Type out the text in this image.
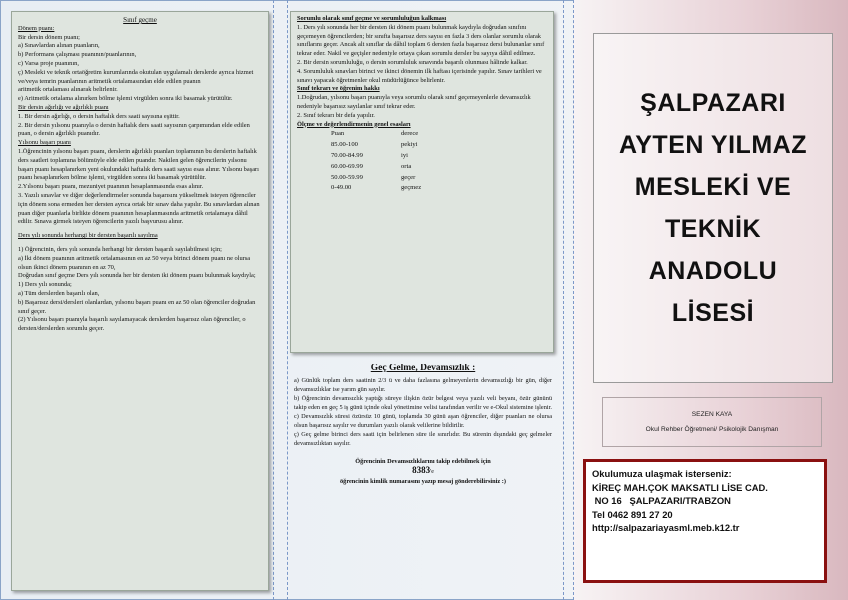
Sınıf geçme

Dönem puanı:

Bir dersin dönem puanı;

a) Sınavlardan alınan puanların,

b) Performans çalışması puanının/puanlarının,

c) Varsa proje puanının,

ç) Mesleki ve teknik ortaöğretim kurumlarında okutulan uygulamalı derslerde ayrıca hizmet ve/veya temrin puanlarının aritmetik ortalamasından elde edilen puanın

aritmetik ortalaması alınarak belirlenir.

e) Aritmetik ortalama alınırken bölme işlemi virgülden sonra iki basamak yürütülür.

Bir dersin ağırlığı ve ağırlıklı puanı

1. Bir dersin ağırlığı, o dersin haftalık ders saati sayısına eşittir.

2. Bir dersin yılsonu puanıyla o dersin haftalık ders saati sayısının çarpımından elde edilen puan, o dersin ağırlıklı puanıdır.

Yılsonu başarı puanı

1.Öğrencinin yılsonu başarı puanı, derslerin ağırlıklı puanları toplamının bu derslerin haftalık ders saatleri toplamına bölümüyle elde edilen puandır. Nakilen gelen öğrencilerin yılsonu başarı puanı hesaplanırken yeni okulundaki haftalık ders saati sayısı esas alınır. Yılsonu başarı puanı hesaplanırken bölme işlemi, virgülden sonra iki basamak yürütülür.

2.Yılsonu başarı puanı, mezuniyet puanının hesaplanmasında esas alınır.

3. Yazılı sınavlar ve diğer değerlendirmeler sonunda başarısını yükseltmek isteyen öğrenciler için dönem sona ermeden her dersten ayrıca ortak bir sınav daha yapılır. Bu sınavlardan alınan puan diğer puanlarla birlikte dönem puanının hesaplanmasında aritmetik ortalamaya dâhil edilir. Sınava girmek isteyen öğrencilerin yazılı başvurusu alınır.

Ders yılı sonunda herhangi bir dersten başarılı sayılma

1) Öğrencinin, ders yılı sonunda herhangi bir dersten başarılı sayılabilmesi için;

a) İki dönem puanının aritmetik ortalamasının en az 50 veya birinci dönem puanı ne olursa olsun ikinci dönem puanının en az 70,

Doğrudan sınıf geçme Ders yılı sonunda her bir dersten iki dönem puanı bulunmak kaydıyla;

1) Ders yılı sonunda;

a) Tüm derslerden başarılı olan,

b) Başarısız dersi/dersleri olanlardan, yılsonu başarı puanı en az 50 olan öğrenciler doğrudan sınıf geçer.

(2) Yılsonu başarı puanıyla başarılı sayılamayacak derslerden başarısız olan öğrenciler, o dersten/derslerden sorumlu geçer.

Sorumlu olarak sınıf geçme ve sorumluluğun kalkması

1. Ders yılı sonunda her bir dersten iki dönem puanı bulunmak kaydıyla doğrudan sınıfını geçemeyen öğrencilerden; bir sınıfta başarısız ders sayısı en fazla 3 ders olanlar sorumlu olarak sınıflarını geçer. Ancak alt sınıflar da dâhil toplam 6 dersten fazla başarısız dersi bulunanlar sınıf tekrar eder. Nakil ve geçişler nedeniyle ortaya çıkan sorumlu dersler bu sayıya dâhil edilmez.

2. Bir dersin sorumluluğu, o dersin sorumluluk sınavında başarılı olunması hâlinde kalkar.

4. Sorumluluk sınavları birinci ve ikinci dönemin ilk haftası içerisinde yapılır. Sınav tarihleri ve sınavı yapacak öğretmenler okul müdürlüğünce belirlenir.

Sınıf tekrarı ve öğrenim hakkı

1.Doğrudan, yılsonu başarı puanıyla veya sorumlu olarak sınıf geçemeyenlerle devamsızlık nedeniyle başarısız sayılanlar sınıf tekrar eder.

2. Sınıf tekrarı bir defa yapılır.

Ölçme ve değerlendirmenin genel esasları

Puan	derece
85.00-100	pekiyi
70.00-84.99	iyi
60.00-69.99	orta
50.00-59.99	geçer
0-49.00	geçmez

Geç Gelme, Devamsızlık :

a) Günlük toplam ders saatinin 2/3 ü ve daha fazlasına gelmeyenlerin devamsızlığı bir gün, diğer devamsızlıklar ise yarım gün sayılır.

b) Öğrencinin devamsızlık yaptığı süreye ilişkin özür belgesi veya yazılı veli beyanı, özür gününü takip eden en geç 5 iş günü içinde okul yönetimine velisi tarafından verilir ve e-Okul sistemine işlenir.

c) Devamsızlık süresi özürsüz 10 günü, toplamda 30 günü aşan öğrenciler, diğer puanları ne olursa olsun başarısız sayılır ve durumları yazılı olarak velilerine bildirilir.

ç) Geç gelme birinci ders saati için belirlenen süre ile sınırlıdır. Bu sürenin dışındaki geç gelmeler devamsızlıktan sayılır.

Öğrencinin Devamsızlıklarını takip edebilmek için

8383'e

öğrencinin kimlik numarasını yazıp mesaj gönderebilirsiniz :)

ŞALPAZARI
AYTEN YILMAZ
MESLEKİ VE
TEKNİK
ANADOLU
LİSESİ
SEZEN KAYA
Okul Rehber Öğretmeni/ Psikolojik Danışman
Okulumuza ulaşmak isterseniz:
KİREÇ MAH.ÇOK MAKSATLI LİSE CAD.
NO 16   ŞALPAZARI/TRABZON
Tel 0462 891 27 20
http://salpazariayasml.meb.k12.tr
